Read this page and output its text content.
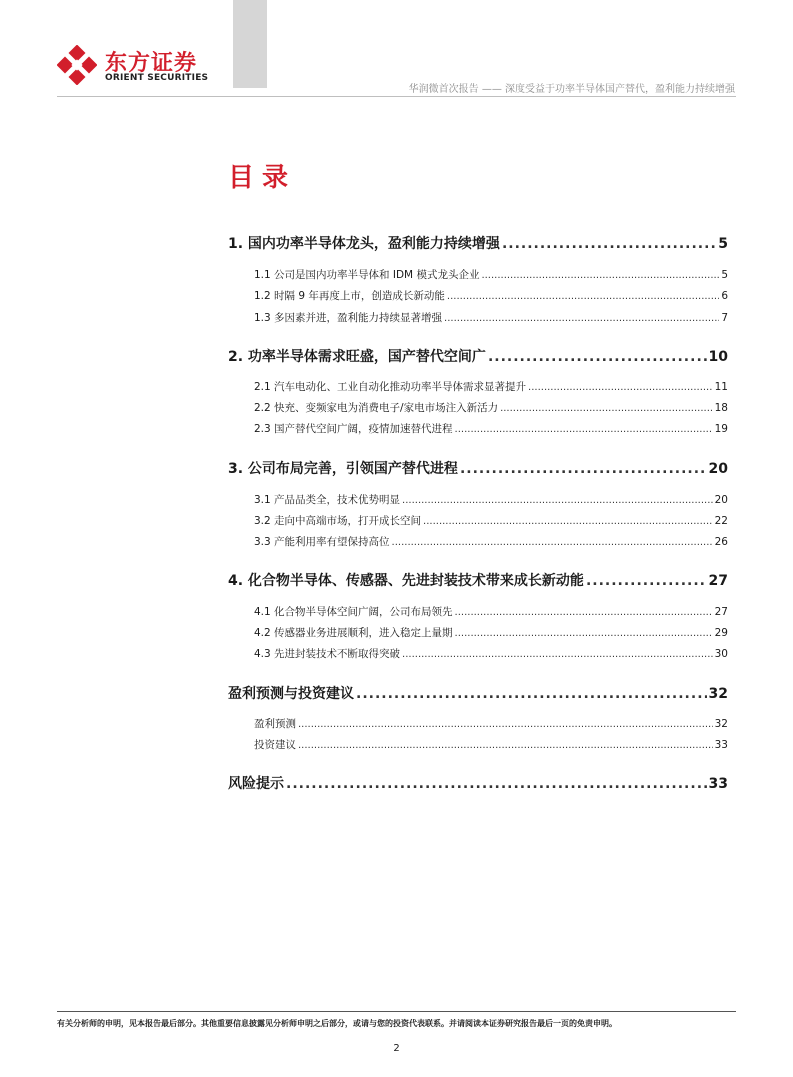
东方证券
ORIENT SECURITIES
华润微首次报告 —— 深度受益于功率半导体国产替代，盈利能力持续增强
目录
1. 国内功率半导体龙头，盈利能力持续增强 .....	5
1.1 公司是国内功率半导体和 IDM 模式龙头企业 .....	5
1.2 时隔 9 年再度上市，创造成长新动能 .....	6
1.3 多因素并进，盈利能力持续显著增强 .....	7
2. 功率半导体需求旺盛，国产替代空间广 .....	10
2.1 汽车电动化、工业自动化推动功率半导体需求显著提升 .....	11
2.2 快充、变频家电为消费电子/家电市场注入新活力 .....	18
2.3 国产替代空间广阔，疫情加速替代进程 .....	19
3. 公司布局完善，引领国产替代进程 .....	20
3.1 产品品类全，技术优势明显 .....	20
3.2 走向中高端市场，打开成长空间 .....	22
3.3 产能利用率有望保持高位 .....	26
4. 化合物半导体、传感器、先进封装技术带来成长新动能 .....	27
4.1 化合物半导体空间广阔，公司布局领先 .....	27
4.2 传感器业务进展顺利，进入稳定上量期 .....	29
4.3 先进封装技术不断取得突破 .....	30
盈利预测与投资建议 .....	32
盈利预测 .....	32
投资建议 .....	33
风险提示 .....	33
有关分析师的申明，见本报告最后部分。其他重要信息披露见分析师申明之后部分，或请与您的投资代表联系。并请阅读本证券研究报告最后一页的免责申明。
2
